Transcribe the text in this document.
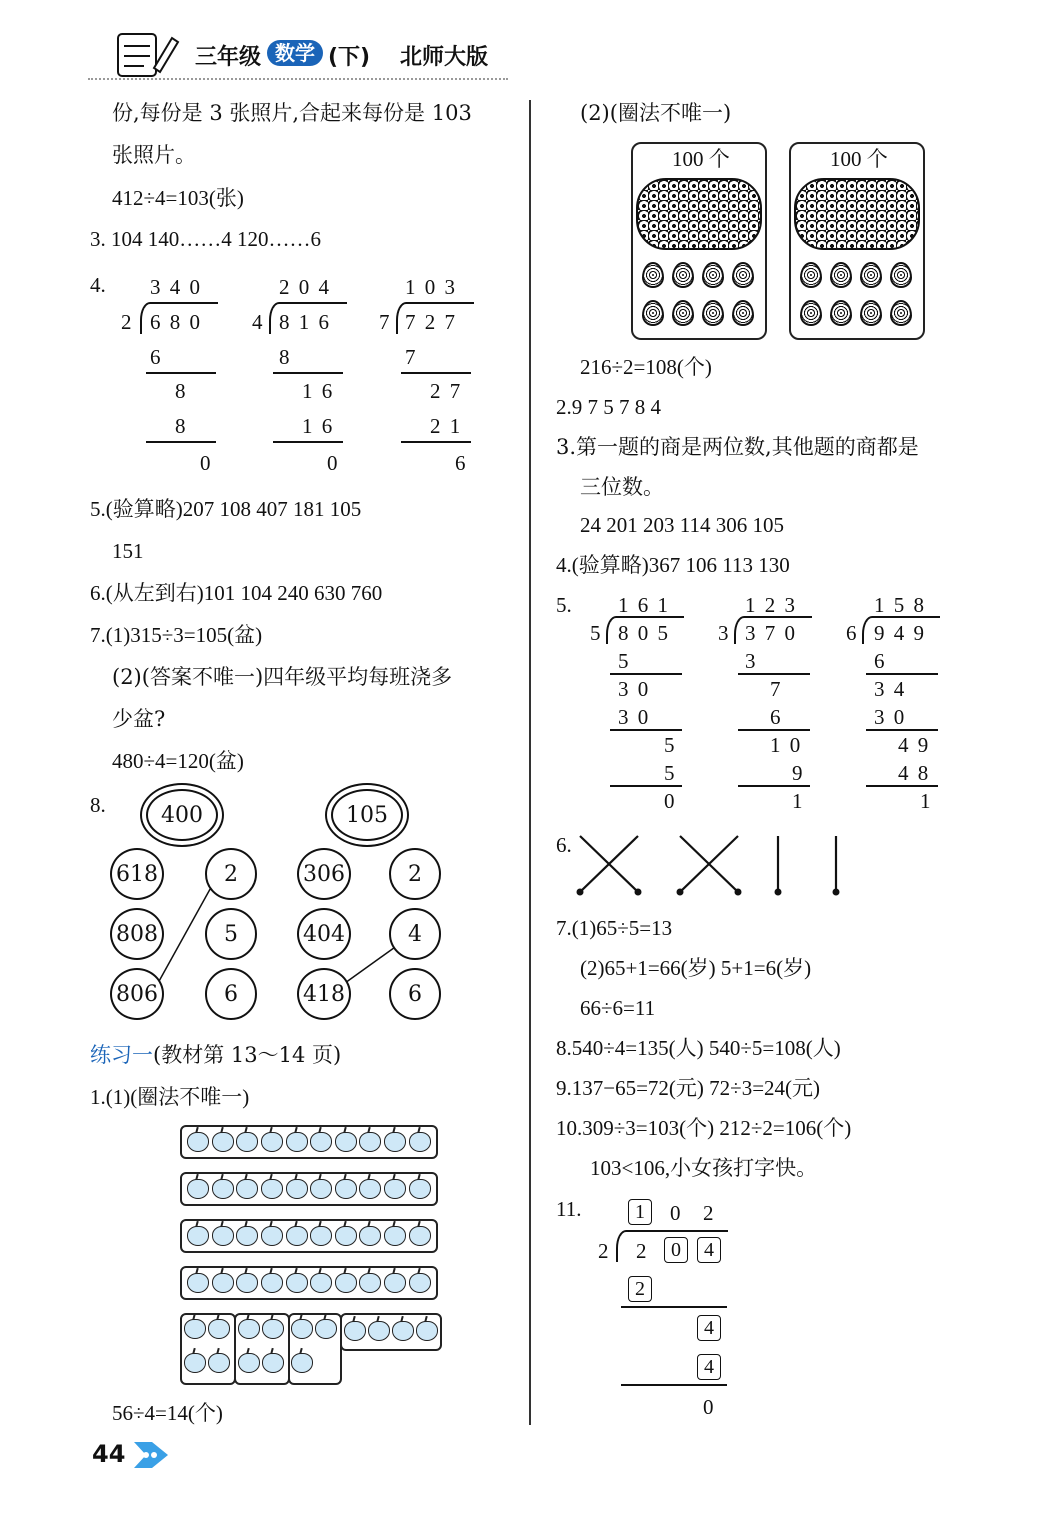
三年级 数学 (下) 北师大版
份,每份是 3 张照片,合起来每份是 103
张照片。
412÷4=103(张)
3. 104 140……4 120……6
4. 3 4 0
2 6 8 0
6
8
8
0
2 0 4
4 8 1 6
8
1 6
1 6
0
1 0 3
7 7 2 7
7
2 7
2 1
6
5.(验算略)207 108 407 181 105
151
6.(从左到右)101 104 240 630 760
7.(1)315÷3=105(盆)
(2)(答案不唯一)四年级平均每班浇多
少盆?
480÷4=120(盆)
8.	400	105
618
808
806
2
5
6
306
404
418
2
4
6
练习一(教材第 13～14 页)
1.(1)(圈法不唯一)
56÷4=14(个)
44
(2)(圈法不唯一)
100 个	100 个
216÷2=108(个)
2.9 7 5 7 8 4
3.第一题的商是两位数,其他题的商都是
三位数。
24 201 203 114 306 105
4.(验算略)367 106 113 130
5. 1 6 1
5 8 0 5
5
3 0
3 0
5
5
0
1 2 3
3 3 7 0
3
7
6
1 0
9
1
1 5 8
6 9 4 9
6
3 4
3 0
4 9
4 8
1
6.
7.(1)65÷5=13
(2)65+1=66(岁) 5+1=6(岁)
66÷6=11
8.540÷4=135(人) 540÷5=108(人)
9.137−65=72(元) 72÷3=24(元)
10.309÷3=103(个) 212÷2=106(个)
103<106,小女孩打字快。
11.	1 0 2
2 2 0 4
2
4
4
0
